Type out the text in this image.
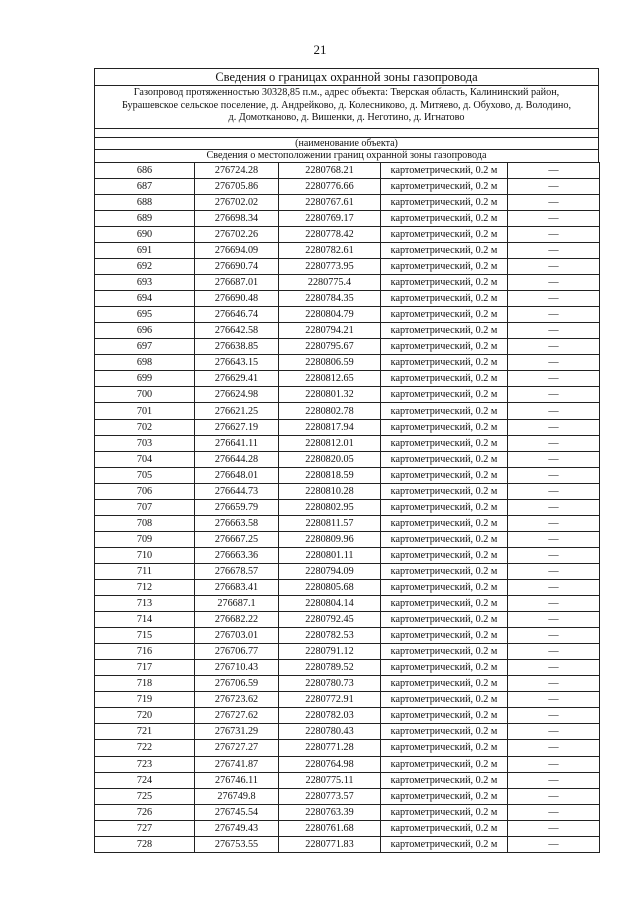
21
Сведения о границах охранной зоны газопровода
Газопровод протяженностью 30328,85 п.м., адрес объекта: Тверская область, Калининский район,
Бурашевское сельское поселение, д. Андрейково, д. Колесниково, д. Митяево, д. Обухово, д. Володино,
д. Домотканово, д. Вишенки, д. Неготино, д. Игнатово
(наименование объекта)
Сведения о местоположении границ охранной зоны газопровода
686	276724.28	2280768.21	картометрический, 0.2 м	—
687	276705.86	2280776.66	картометрический, 0.2 м	—
688	276702.02	2280767.61	картометрический, 0.2 м	—
689	276698.34	2280769.17	картометрический, 0.2 м	—
690	276702.26	2280778.42	картометрический, 0.2 м	—
691	276694.09	2280782.61	картометрический, 0.2 м	—
692	276690.74	2280773.95	картометрический, 0.2 м	—
693	276687.01	2280775.4	картометрический, 0.2 м	—
694	276690.48	2280784.35	картометрический, 0.2 м	—
695	276646.74	2280804.79	картометрический, 0.2 м	—
696	276642.58	2280794.21	картометрический, 0.2 м	—
697	276638.85	2280795.67	картометрический, 0.2 м	—
698	276643.15	2280806.59	картометрический, 0.2 м	—
699	276629.41	2280812.65	картометрический, 0.2 м	—
700	276624.98	2280801.32	картометрический, 0.2 м	—
701	276621.25	2280802.78	картометрический, 0.2 м	—
702	276627.19	2280817.94	картометрический, 0.2 м	—
703	276641.11	2280812.01	картометрический, 0.2 м	—
704	276644.28	2280820.05	картометрический, 0.2 м	—
705	276648.01	2280818.59	картометрический, 0.2 м	—
706	276644.73	2280810.28	картометрический, 0.2 м	—
707	276659.79	2280802.95	картометрический, 0.2 м	—
708	276663.58	2280811.57	картометрический, 0.2 м	—
709	276667.25	2280809.96	картометрический, 0.2 м	—
710	276663.36	2280801.11	картометрический, 0.2 м	—
711	276678.57	2280794.09	картометрический, 0.2 м	—
712	276683.41	2280805.68	картометрический, 0.2 м	—
713	276687.1	2280804.14	картометрический, 0.2 м	—
714	276682.22	2280792.45	картометрический, 0.2 м	—
715	276703.01	2280782.53	картометрический, 0.2 м	—
716	276706.77	2280791.12	картометрический, 0.2 м	—
717	276710.43	2280789.52	картометрический, 0.2 м	—
718	276706.59	2280780.73	картометрический, 0.2 м	—
719	276723.62	2280772.91	картометрический, 0.2 м	—
720	276727.62	2280782.03	картометрический, 0.2 м	—
721	276731.29	2280780.43	картометрический, 0.2 м	—
722	276727.27	2280771.28	картометрический, 0.2 м	—
723	276741.87	2280764.98	картометрический, 0.2 м	—
724	276746.11	2280775.11	картометрический, 0.2 м	—
725	276749.8	2280773.57	картометрический, 0.2 м	—
726	276745.54	2280763.39	картометрический, 0.2 м	—
727	276749.43	2280761.68	картометрический, 0.2 м	—
728	276753.55	2280771.83	картометрический, 0.2 м	—
